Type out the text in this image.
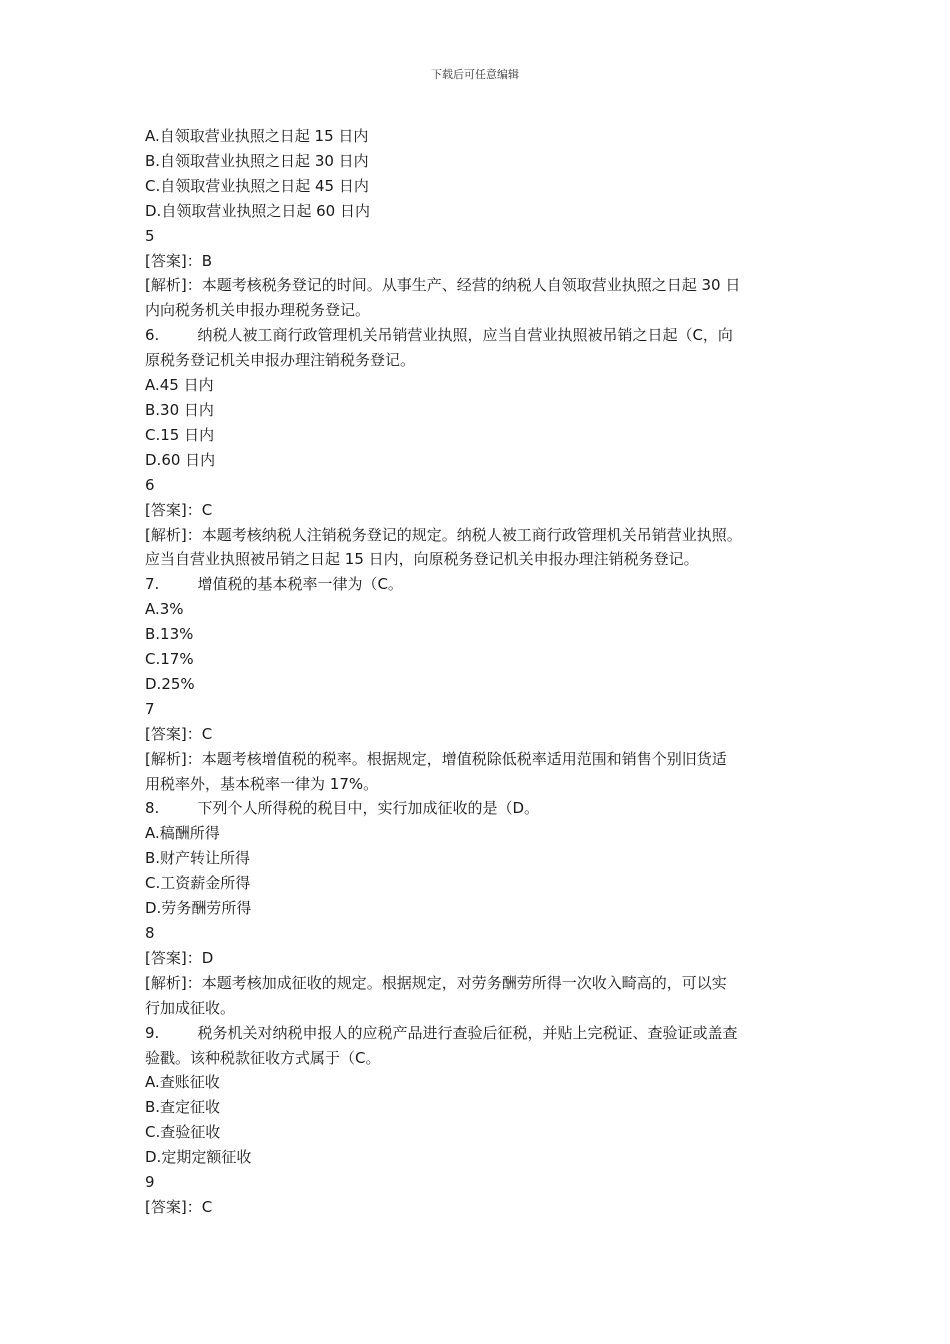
下载后可任意编辑

A.自领取营业执照之日起 15 日内

B.自领取营业执照之日起 30 日内

C.自领取营业执照之日起 45 日内

D.自领取营业执照之日起 60 日内

5

[答案]：B

[解析]：本题考核税务登记的时间。从事生产、经营的纳税人自领取营业执照之日起 30 日

内向税务机关申报办理税务登记。

6.        纳税人被工商行政管理机关吊销营业执照，应当自营业执照被吊销之日起（C，向

原税务登记机关申报办理注销税务登记。

A.45 日内

B.30 日内

C.15 日内

D.60 日内

6

[答案]：C

[解析]：本题考核纳税人注销税务登记的规定。纳税人被工商行政管理机关吊销营业执照。

应当自营业执照被吊销之日起 15 日内，向原税务登记机关申报办理注销税务登记。

7.        增值税的基本税率一律为（C。

A.3%

B.13%

C.17%

D.25%

7

[答案]：C

[解析]：本题考核增值税的税率。根据规定，增值税除低税率适用范围和销售个别旧货适

用税率外，基本税率一律为 17%。

8.        下列个人所得税的税目中，实行加成征收的是（D。

A.稿酬所得

B.财产转让所得

C.工资薪金所得

D.劳务酬劳所得

8

[答案]：D

[解析]：本题考核加成征收的规定。根据规定，对劳务酬劳所得一次收入畸高的，可以实

行加成征收。

9.        税务机关对纳税申报人的应税产品进行查验后征税，并贴上完税证、查验证或盖查

验戳。该种税款征收方式属于（C。

A.查账征收

B.查定征收

C.查验征收

D.定期定额征收

9

[答案]：C
